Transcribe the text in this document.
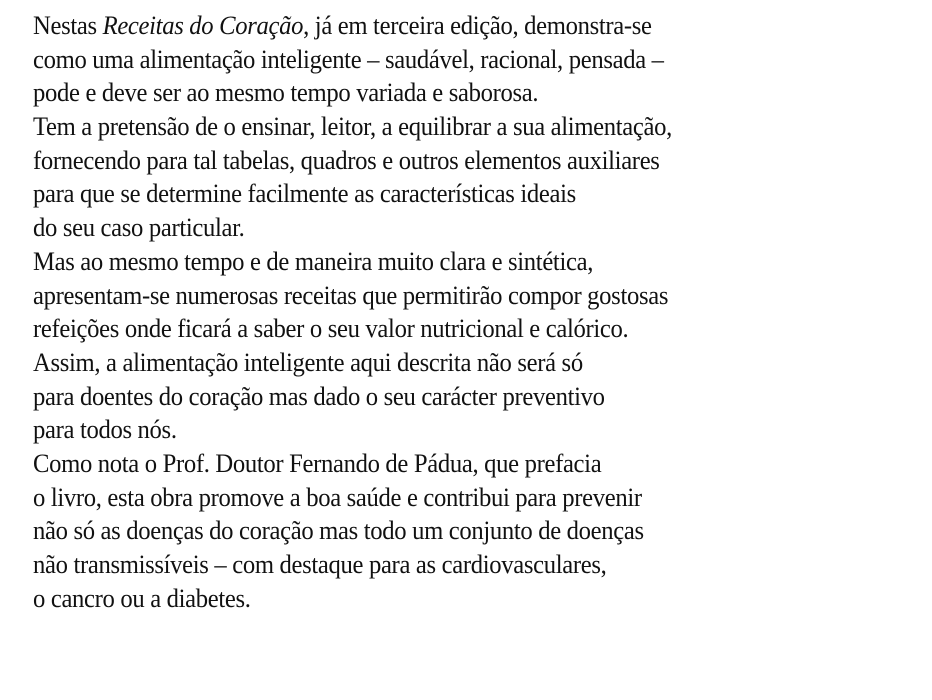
Nestas Receitas do Coração, já em terceira edição, demonstra-se
como uma alimentação inteligente – saudável, racional, pensada –
pode e deve ser ao mesmo tempo variada e saborosa.
Tem a pretensão de o ensinar, leitor, a equilibrar a sua alimentação,
fornecendo para tal tabelas, quadros e outros elementos auxiliares
para que se determine facilmente as características ideais
do seu caso particular.
Mas ao mesmo tempo e de maneira muito clara e sintética,
apresentam-se numerosas receitas que permitirão compor gostosas
refeições onde ficará a saber o seu valor nutricional e calórico.
Assim, a alimentação inteligente aqui descrita não será só
para doentes do coração mas dado o seu carácter preventivo
para todos nós.
Como nota o Prof. Doutor Fernando de Pádua, que prefacia
o livro, esta obra promove a boa saúde e contribui para prevenir
não só as doenças do coração mas todo um conjunto de doenças
não transmissíveis – com destaque para as cardiovasculares,
o cancro ou a diabetes.
